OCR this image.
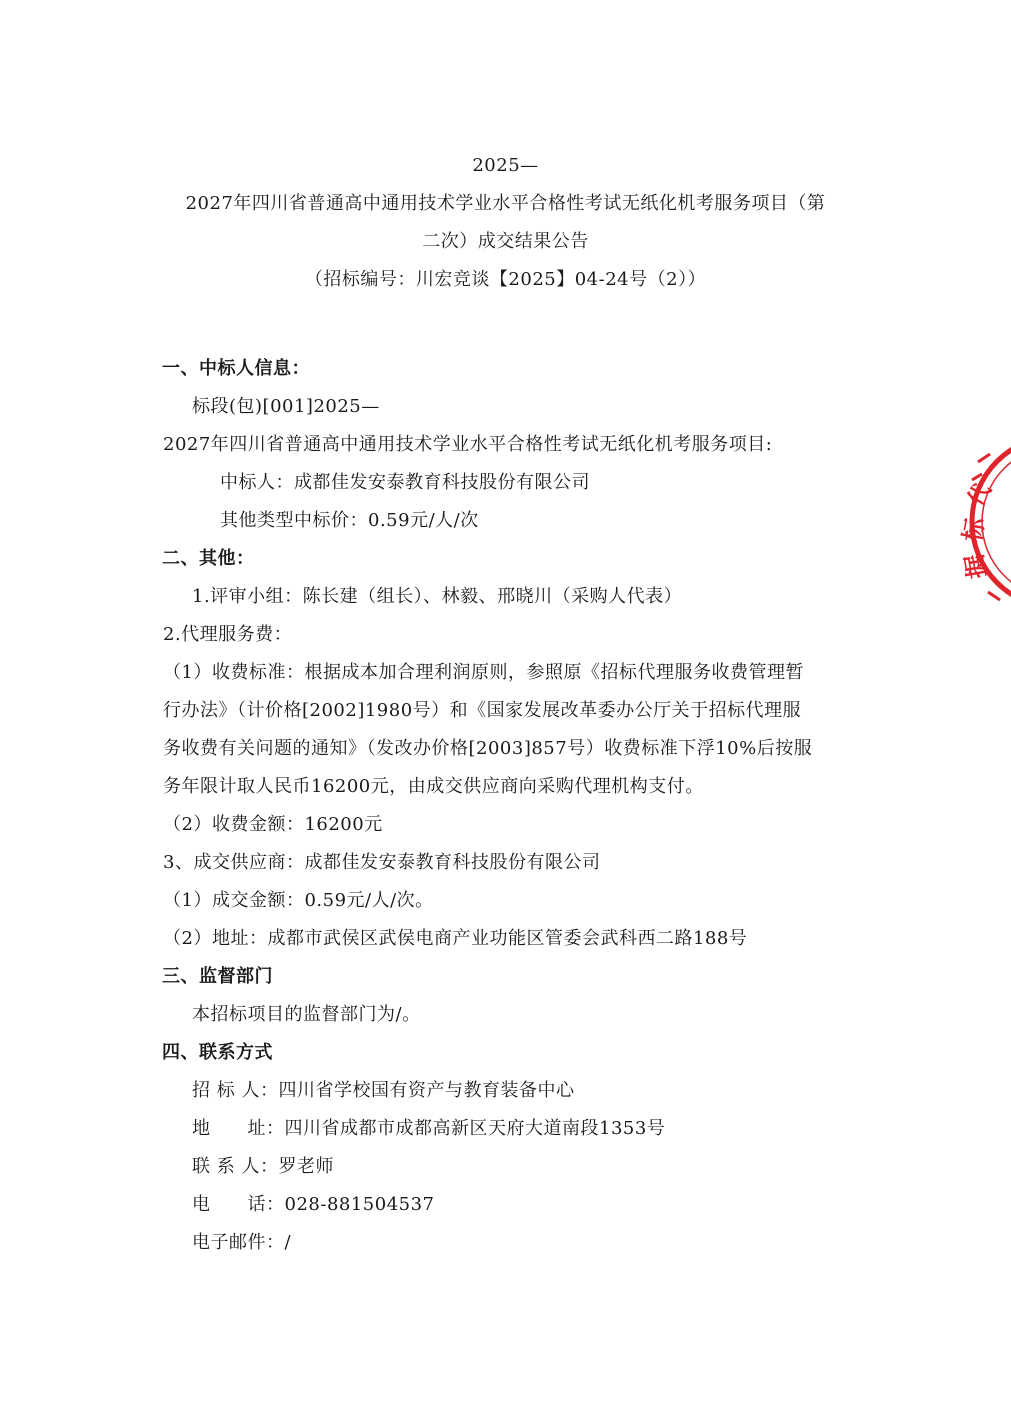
2025—
2027年四川省普通高中通用技术学业水平合格性考试无纸化机考服务项目（第
二次）成交结果公告
（招标编号：川宏竞谈【2025】04-24号（2））
一、中标人信息：
标段(包)[001]2025—
2027年四川省普通高中通用技术学业水平合格性考试无纸化机考服务项目:
中标人：成都佳发安泰教育科技股份有限公司
其他类型中标价：0.59元/人/次
二、其他：
1.评审小组：陈长建（组长）、林毅、邢晓川（采购人代表）
2.代理服务费：
（1）收费标准：根据成本加合理利润原则，参照原《招标代理服务收费管理暂
行办法》（计价格[2002]1980号）和《国家发展改革委办公厅关于招标代理服
务收费有关问题的通知》（发改办价格[2003]857号）收费标准下浮10%后按服
务年限计取人民币16200元，由成交供应商向采购代理机构支付。
（2）收费金额：16200元
3、成交供应商：成都佳发安泰教育科技股份有限公司
（1）成交金额：0.59元/人/次。
（2）地址：成都市武侯区武侯电商产业功能区管委会武科西二路188号
三、监督部门
本招标项目的监督部门为/。
四、联系方式
招 标 人：四川省学校国有资产与教育装备中心
地　　址：四川省成都市成都高新区天府大道南段1353号
联 系 人：罗老师
电　　话：028-881504537
电子邮件：/
代
标
据
